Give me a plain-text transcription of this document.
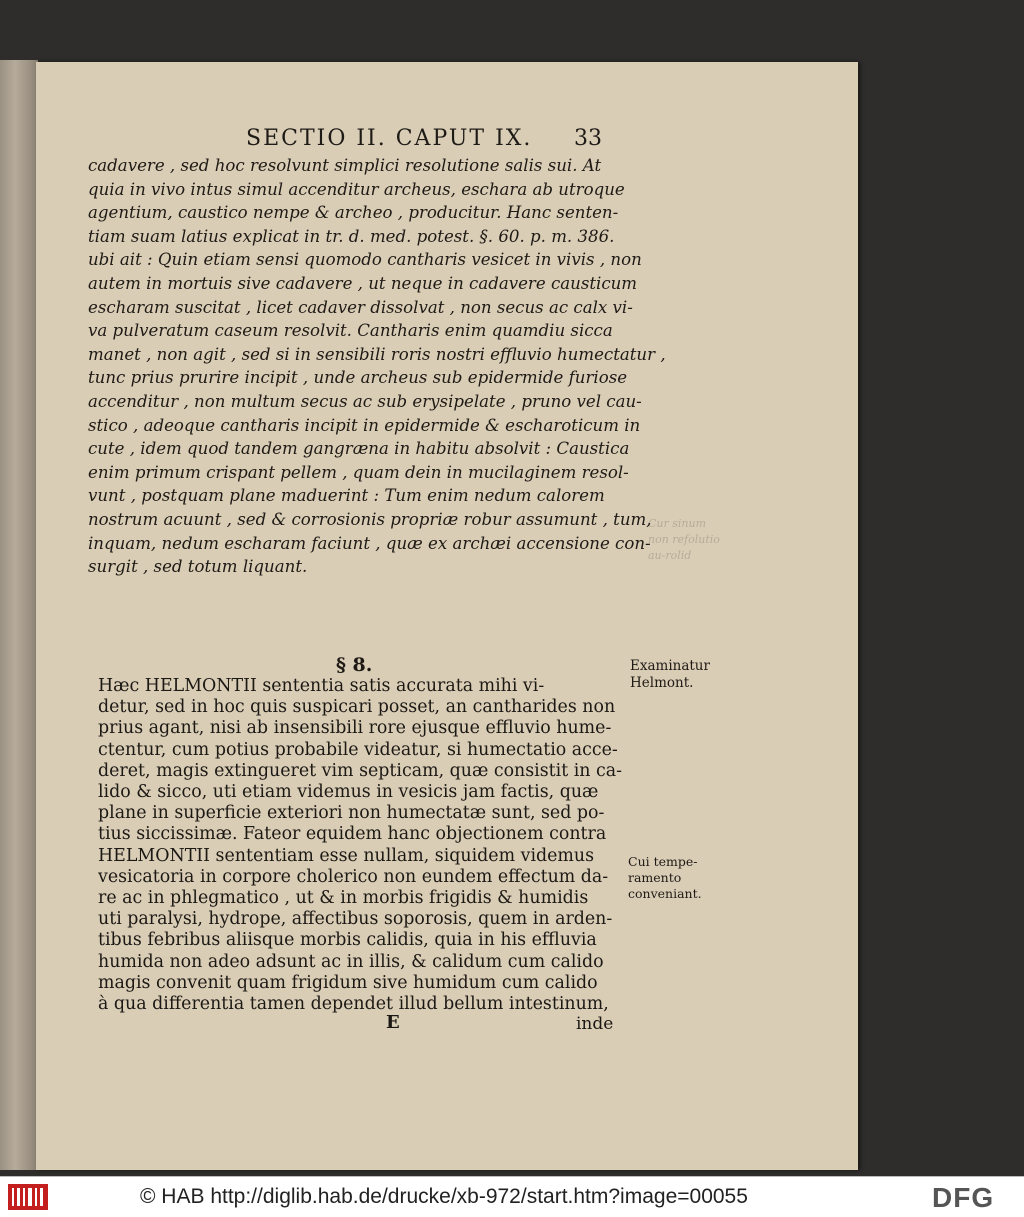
SECTIO II. CAPUT IX.	33
cadavere , sed hoc resolvunt simplici resolutione salis sui. At
quia in vivo intus simul accenditur archeus, eschara ab utroque
agentium, caustico nempe & archeo , producitur. Hanc senten-
tiam suam latius explicat in tr. d. med. potest. §. 60. p. m. 386.
ubi ait : Quin etiam sensi quomodo cantharis vesicet in vivis , non
autem in mortuis sive cadavere , ut neque in cadavere causticum
escharam suscitat , licet cadaver dissolvat , non secus ac calx vi-
va pulveratum caseum resolvit. Cantharis enim quamdiu sicca
manet , non agit , sed si in sensibili roris nostri effluvio humectatur ,
tunc prius prurire incipit , unde archeus sub epidermide furiose
accenditur , non multum secus ac sub erysipelate , pruno vel cau-
stico , adeoque cantharis incipit in epidermide & escharoticum in
cute , idem quod tandem gangræna in habitu absolvit : Caustica
enim primum crispant pellem , quam dein in mucilaginem resol-
vunt , postquam plane maduerint : Tum enim nedum calorem
nostrum acuunt , sed & corrosionis propriæ robur assumunt , tum,
inquam, nedum escharam faciunt , quæ ex archæi accensione con-
surgit , sed totum liquant.
§ 8.
Hæc HELMONTII sententia satis accurata mihi vi-
detur, sed in hoc quis suspicari posset, an cantharides non
prius agant, nisi ab insensibili rore ejusque effluvio hume-
ctentur, cum potius probabile videatur, si humectatio acce-
deret, magis extingueret vim septicam, quæ consistit in ca-
lido & sicco, uti etiam videmus in vesicis jam factis, quæ
plane in superficie exteriori non humectatæ sunt, sed po-
tius siccissimæ. Fateor equidem hanc objectionem contra
HELMONTII sententiam esse nullam, siquidem videmus
vesicatoria in corpore cholerico non eundem effectum da-
re ac in phlegmatico , ut & in morbis frigidis & humidis
uti paralysi, hydrope, affectibus soporosis, quem in arden-
tibus febribus aliisque morbis calidis, quia in his effluvia
humida non adeo adsunt ac in illis, & calidum cum calido
magis convenit quam frigidum sive humidum cum calido
à qua differentia tamen dependet illud bellum intestinum,
Cur sinum
non refolutio
au-rolid
Examinatur
Helmont.
Cui tempe-
ramento
conveniant.
E	inde
© HAB http://diglib.hab.de/drucke/xb-972/start.htm?image=00055	DFG
